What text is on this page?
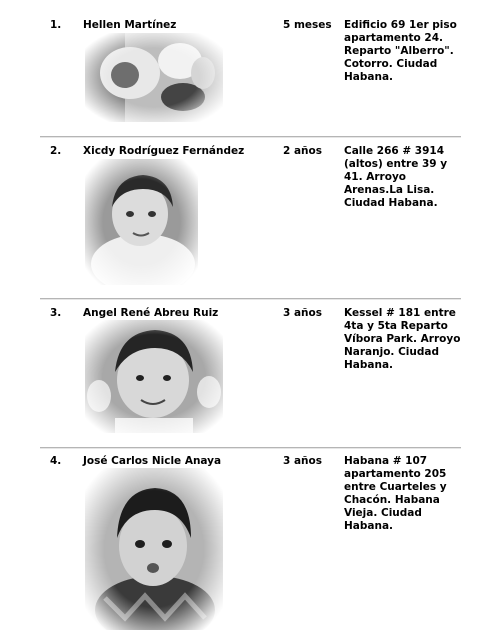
1. Hellen Martínez	5 meses Edificio 69 1er piso apartamento 24. Reparto "Alberro". Cotorro. Ciudad Habana.
2. Xicdy Rodríguez Fernández	2 años Calle 266 # 3914 (altos) entre 39 y 41. Arroyo Arenas.La Lisa. Ciudad Habana.
3. Angel René Abreu Ruiz	3 años Kessel # 181 entre 4ta y 5ta Reparto Víbora Park. Arroyo Naranjo. Ciudad Habana.
4. José Carlos Nicle Anaya	3 años Habana # 107 apartamento 205 entre Cuarteles y Chacón. Habana Vieja. Ciudad Habana.
